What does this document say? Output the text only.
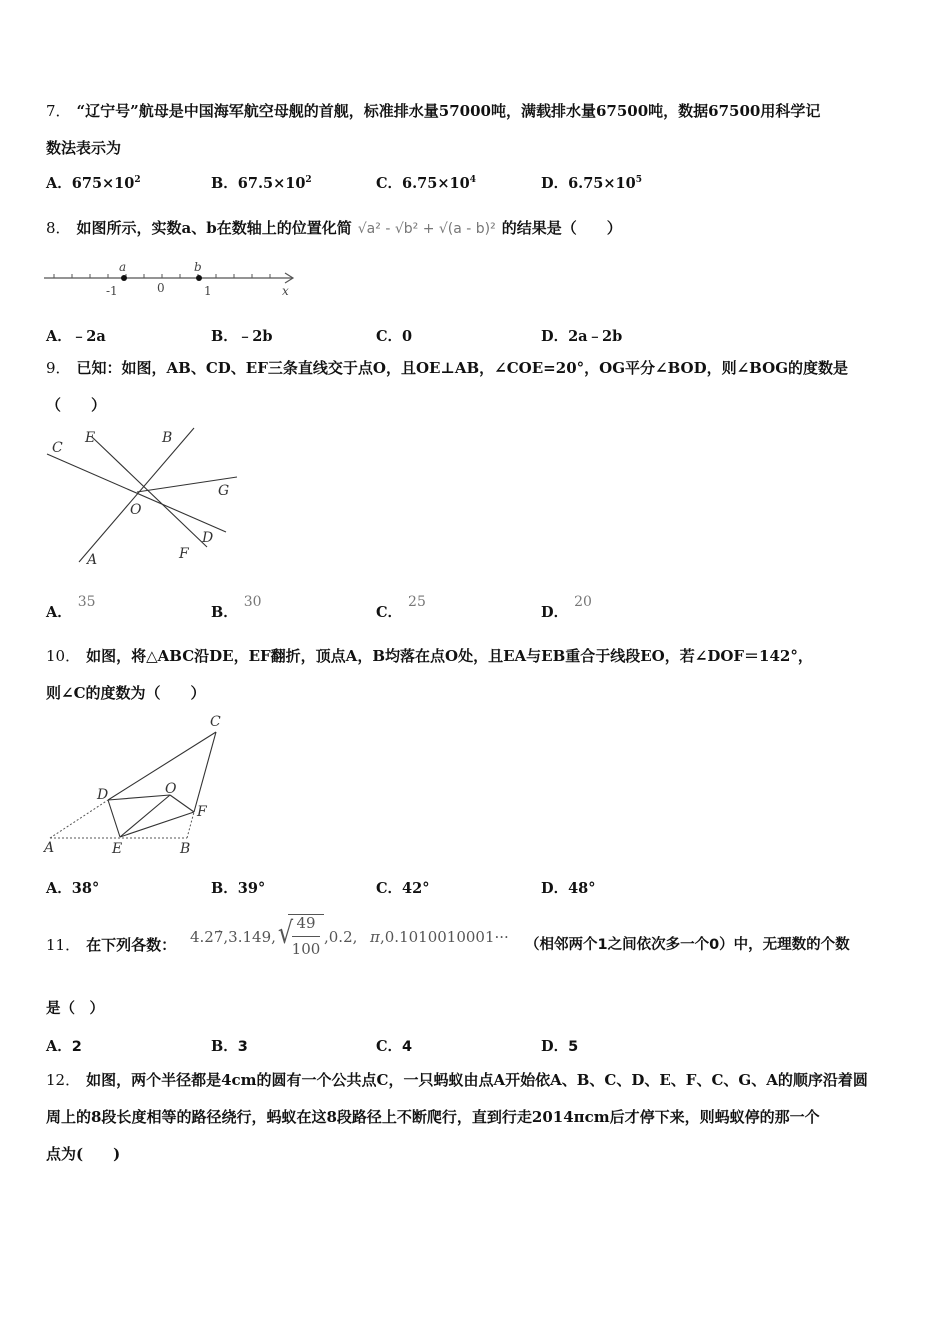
7． “辽宁号”航母是中国海军航空母舰的首舰，标准排水量57000吨，满载排水量67500吨，数据67500用科学记
数法表示为
A．$675\times 10^2$	B．$67.5\times 10^2$	C．$6.75\times 10^4$	D．$6.75\times 10^5$
8． 如图所示，实数a、b在数轴上的位置化简 √a² - √b² + √(a - b)² 的结果是（　　）
a	b
-1	0	1	x
A．﹣2a	B．﹣2b	C．0	D．2a﹣2b
9． 已知：如图，AB、CD、EF三条直线交于点O，且OE⊥AB，∠COE=20°，OG平分∠BOD，则∠BOG的度数是
（　　）
C
E	B
G
O
D
F
A
A．35
B．30
C．25
D．20
10． 如图，将△ABC沿DE，EF翻折，顶点A，B均落在点O处，且EA与EB重合于线段EO，若∠DOF＝142°，
则∠C的度数为（　　）
C
D	O
F
A	E	B
A．38°	B．39°	C．42°	D．48°
11． 在下列各数： 4.27̇,3.149, √ 49
100
,0.2, π ,0.1010010001··· （相邻两个1之间依次多一个0）中，无理数的个数
是（　）
A．2	B．3	C．4	D．5
12． 如图，两个半径都是4cm的圆有一个公共点C，一只蚂蚁由点A开始依A、B、C、D、E、F、C、G、A的顺序沿着圆
周上的8段长度相等的路径绕行，蚂蚁在这8段路径上不断爬行，直到行走2014πcm后才停下来，则蚂蚁停的那一个
点为(　　)
